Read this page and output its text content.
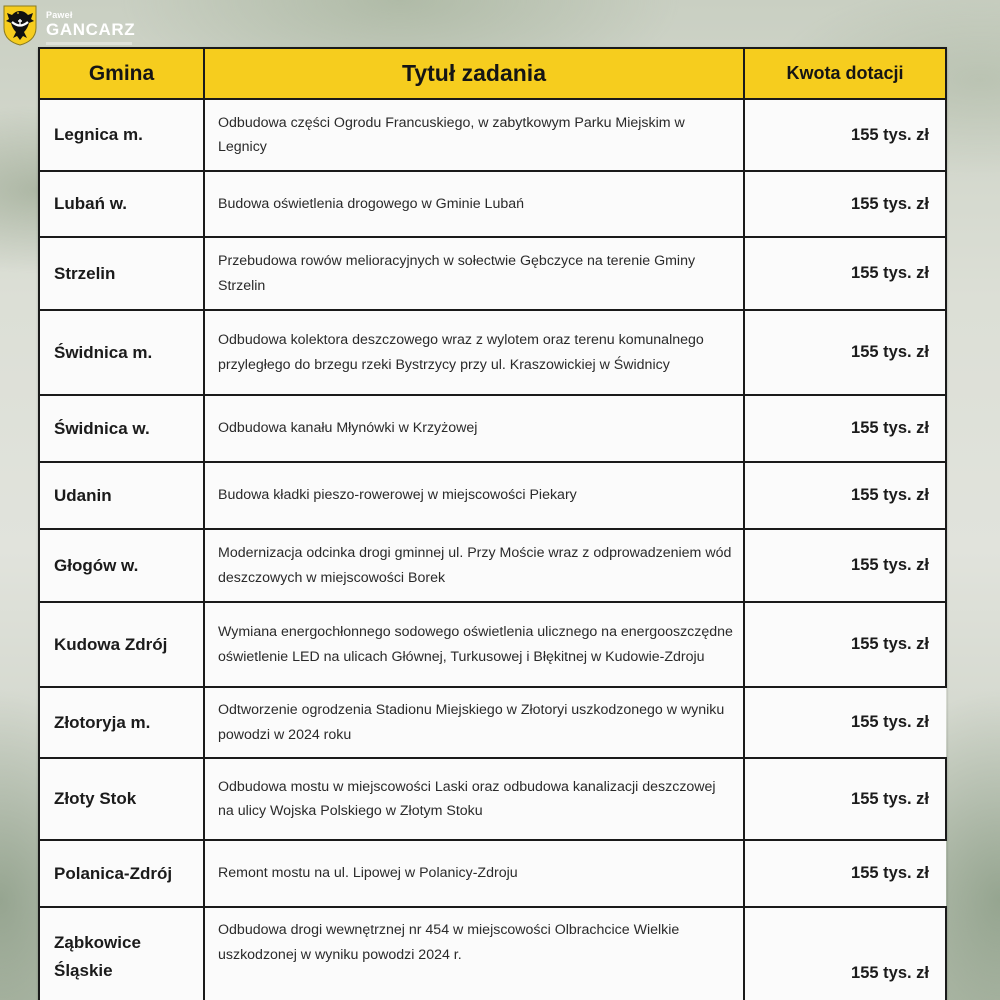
Paweł
GANCARZ
Gmina	Tytuł zadania	Kwota dotacji
Legnica m.	Odbudowa części Ogrodu Francuskiego, w zabytkowym Parku Miejskim w Legnicy	155 tys. zł
Lubań w.	Budowa oświetlenia drogowego w Gminie Lubań	155 tys. zł
Strzelin	Przebudowa rowów melioracyjnych w sołectwie Gębczyce na terenie Gminy Strzelin	155 tys. zł
Świdnica m.	Odbudowa kolektora deszczowego wraz z wylotem oraz terenu komunalnego przyległego do brzegu rzeki Bystrzycy przy ul. Kraszowickiej w Świdnicy	155 tys. zł
Świdnica w.	Odbudowa kanału Młynówki w Krzyżowej	155 tys. zł
Udanin	Budowa kładki pieszo-rowerowej w miejscowości Piekary	155 tys. zł
Głogów w.	Modernizacja odcinka drogi gminnej ul. Przy Moście wraz z odprowadzeniem wód deszczowych w miejscowości Borek	155 tys. zł
Kudowa Zdrój	Wymiana energochłonnego sodowego oświetlenia ulicznego na energooszczędne oświetlenie LED na ulicach Głównej, Turkusowej i Błękitnej w Kudowie-Zdroju	155 tys. zł
Złotoryja m.	Odtworzenie ogrodzenia Stadionu Miejskiego w Złotoryi uszkodzonego w wyniku powodzi w 2024 roku	155 tys. zł
Złoty Stok	Odbudowa mostu w miejscowości Laski oraz odbudowa kanalizacji deszczowej na ulicy Wojska Polskiego w Złotym Stoku	155 tys. zł
Polanica-Zdrój	Remont mostu na ul. Lipowej w Polanicy-Zdroju	155 tys. zł
Ząbkowice Śląskie	Odbudowa drogi wewnętrznej nr 454 w miejscowości Olbrachcice Wielkie uszkodzonej w wyniku powodzi 2024 r.	155 tys. zł
